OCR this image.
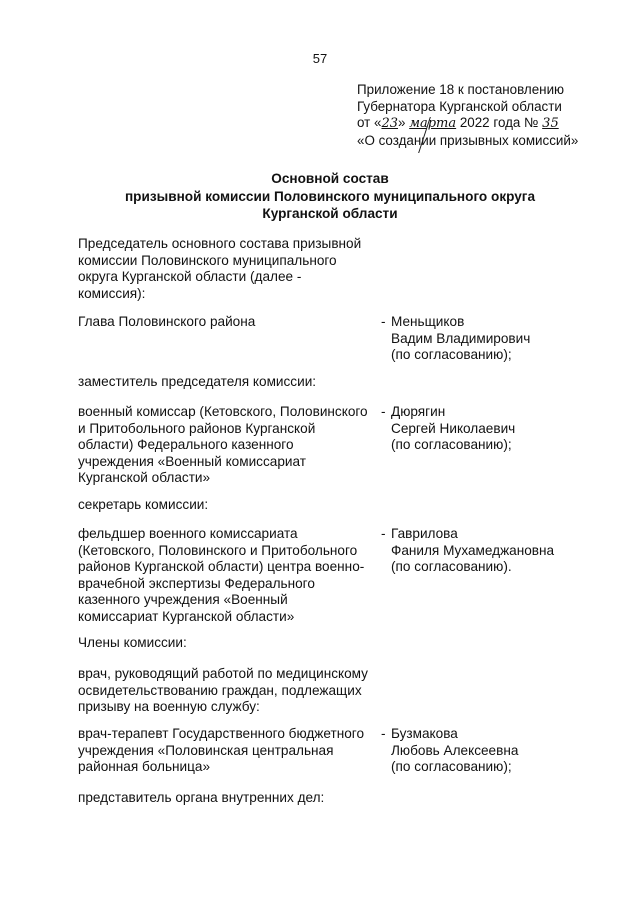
57
Приложение 18 к постановлению
Губернатора Курганской области
от «23» марта 2022 года № 35
«О создании призывных комиссий»
Основной состав
призывной комиссии Половинского муниципального округа
Курганской области
Председатель основного состава призывной
комиссии Половинского муниципального
округа Курганской области (далее -
комиссия):
Глава Половинского района	- Меньщиков
Вадим Владимирович
(по согласованию);
заместитель председателя комиссии:
военный комиссар (Кетовского, Половинского
и Притобольного районов Курганской
области) Федерального казенного
учреждения «Военный комиссариат
Курганской области»
- Дюрягин
Сергей Николаевич
(по согласованию);
секретарь комиссии:
фельдшер военного комиссариата
(Кетовского, Половинского и Притобольного
районов Курганской области) центра военно-
врачебной экспертизы Федерального
казенного учреждения «Военный
комиссариат Курганской области»
- Гаврилова
Фаниля Мухамеджановна
(по согласованию).
Члены комиссии:
врач, руководящий работой по медицинскому
освидетельствованию граждан, подлежащих
призыву на военную службу:
врач-терапевт Государственного бюджетного
учреждения «Половинская центральная
районная больница»
- Бузмакова
Любовь Алексеевна
(по согласованию);
представитель органа внутренних дел:
